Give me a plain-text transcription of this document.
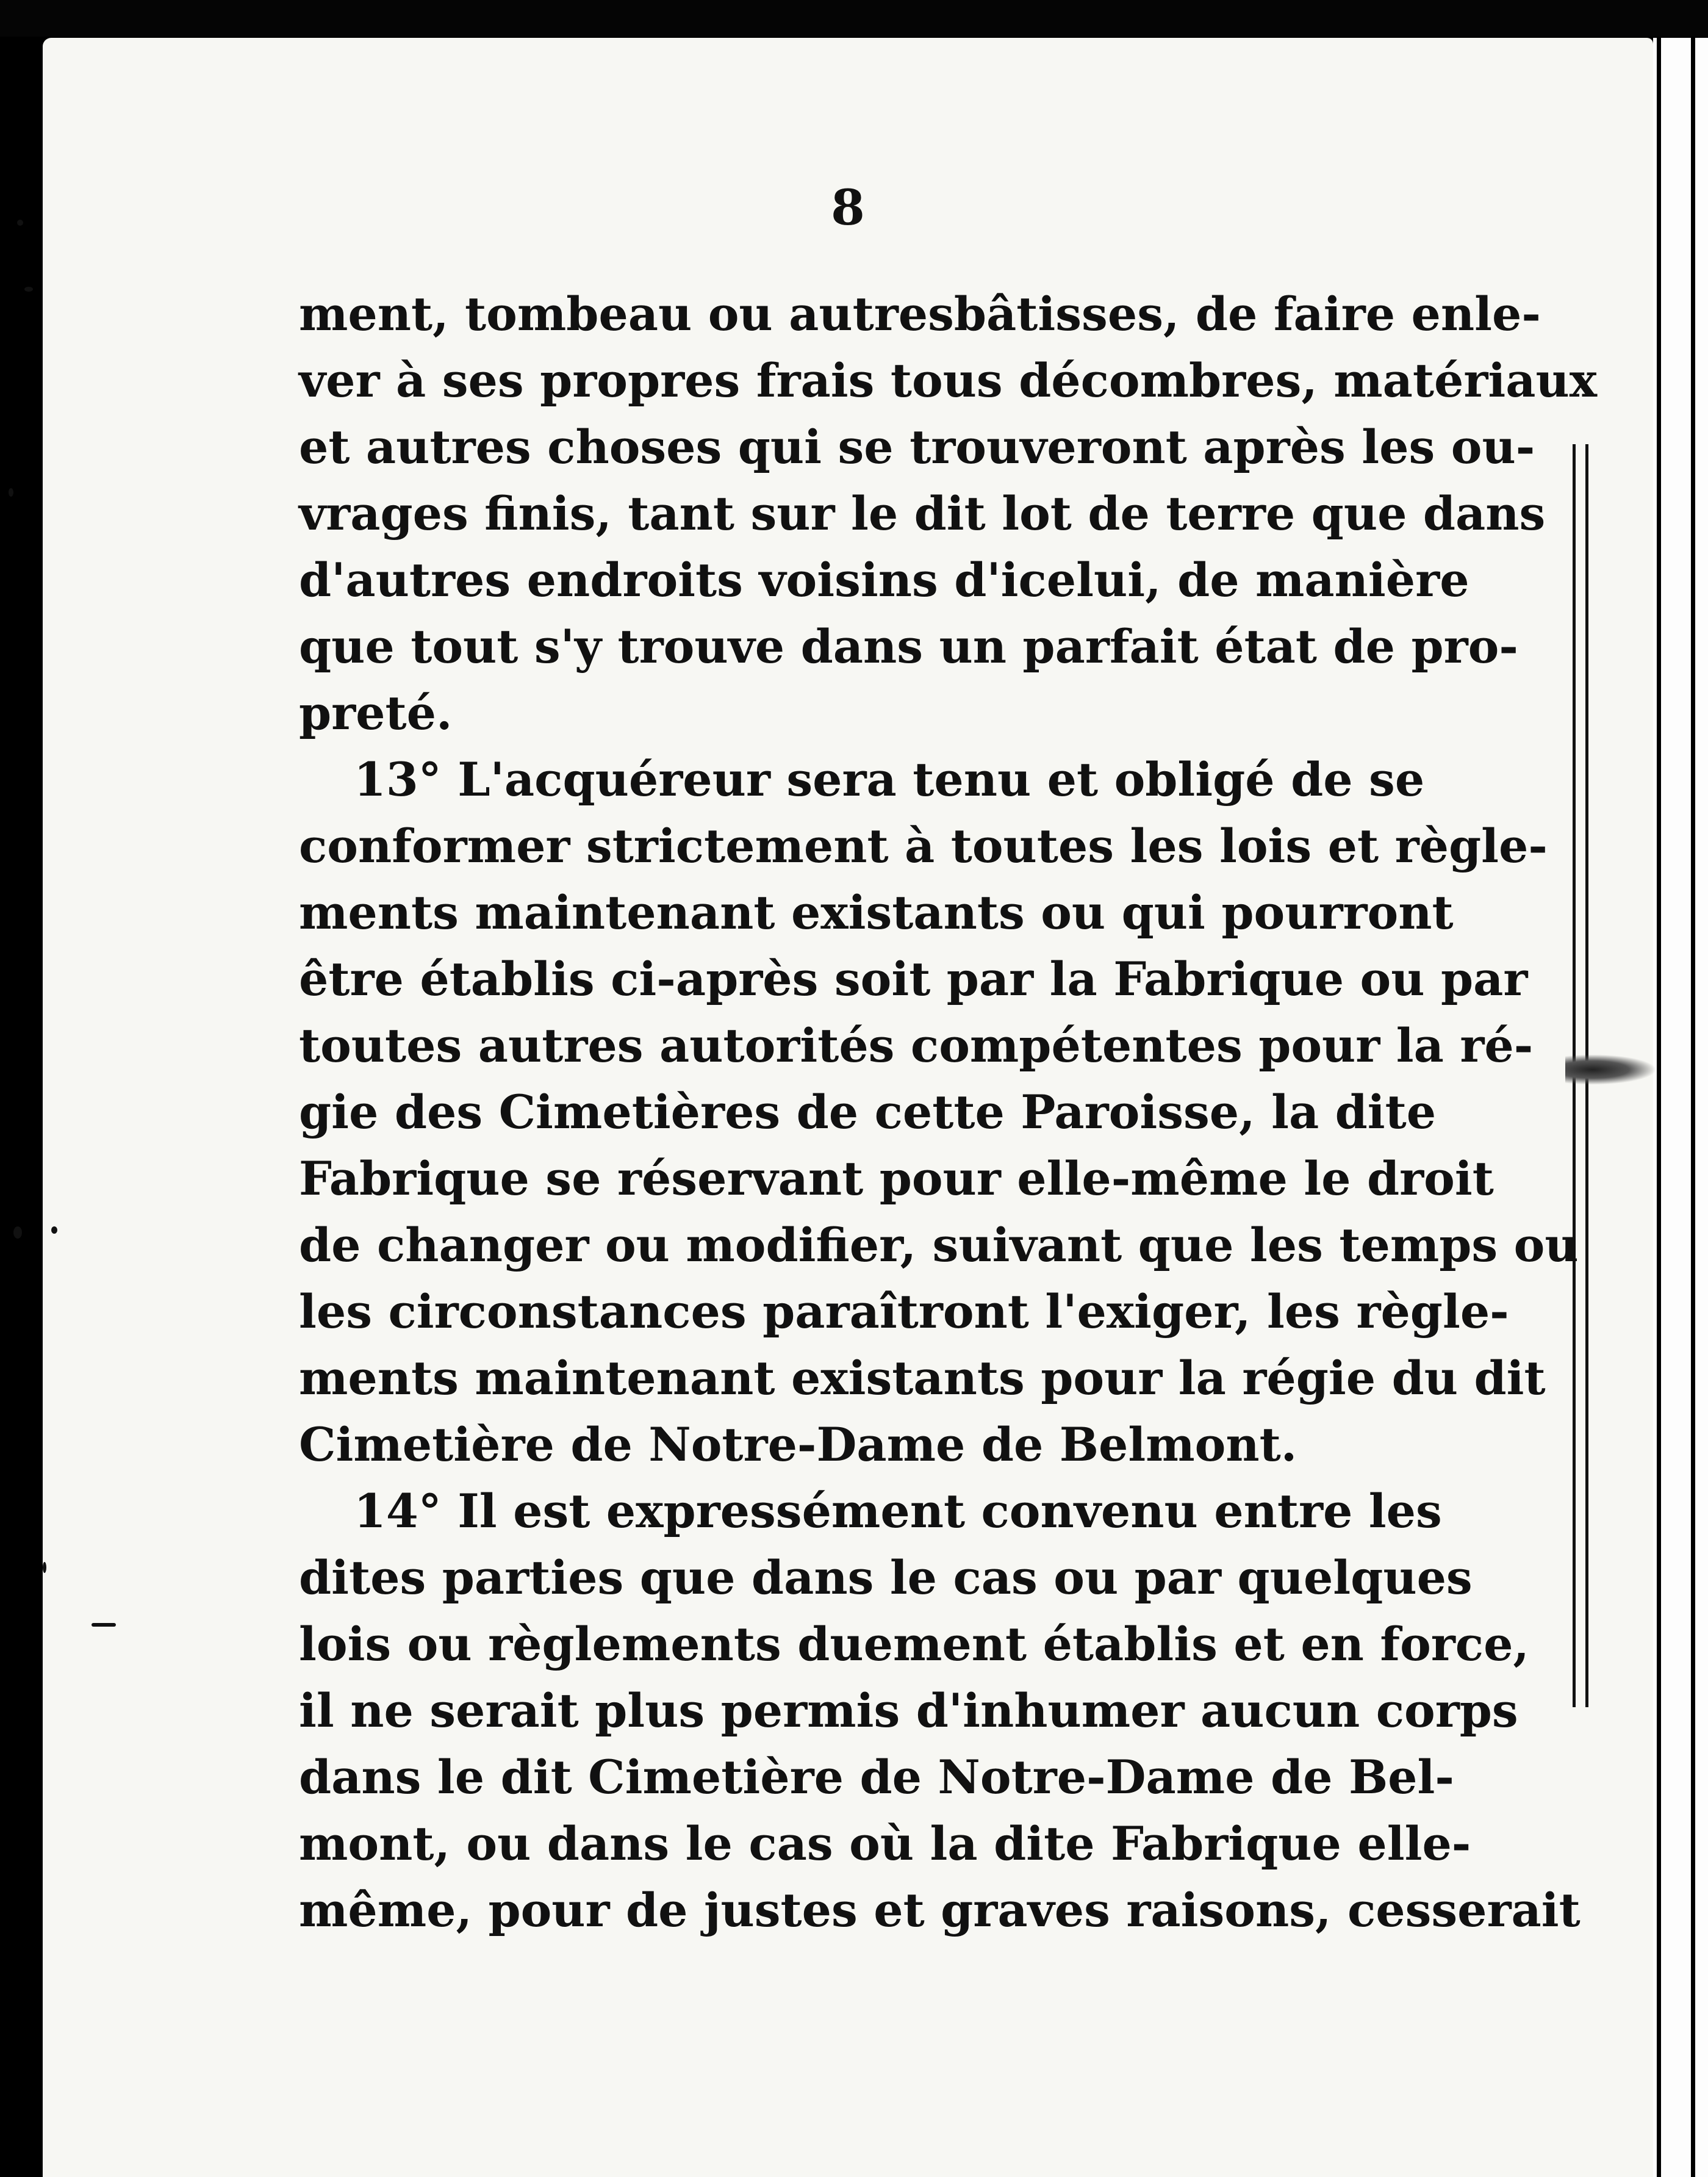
8
ment, tombeau ou autresbâtisses, de faire enle-
ver à ses propres frais tous décombres, matériaux
et autres choses qui se trouveront après les ou-
vrages finis, tant sur le dit lot de terre que dans
d'autres endroits voisins d'icelui, de manière
que tout s'y trouve dans un parfait état de pro-
preté.
13° L'acquéreur sera tenu et obligé de se
conformer strictement à toutes les lois et règle-
ments maintenant existants ou qui pourront
être établis ci-après soit par la Fabrique ou par
toutes autres autorités compétentes pour la ré-
gie des Cimetières de cette Paroisse, la dite
Fabrique se réservant pour elle-même le droit
de changer ou modifier, suivant que les temps ou
les circonstances paraîtront l'exiger, les règle-
ments maintenant existants pour la régie du dit
Cimetière de Notre-Dame de Belmont.
14° Il est expressément convenu entre les
dites parties que dans le cas ou par quelques
lois ou règlements duement établis et en force,
il ne serait plus permis d'inhumer aucun corps
dans le dit Cimetière de Notre-Dame de Bel-
mont, ou dans le cas où la dite Fabrique elle-
même, pour de justes et graves raisons, cesserait
